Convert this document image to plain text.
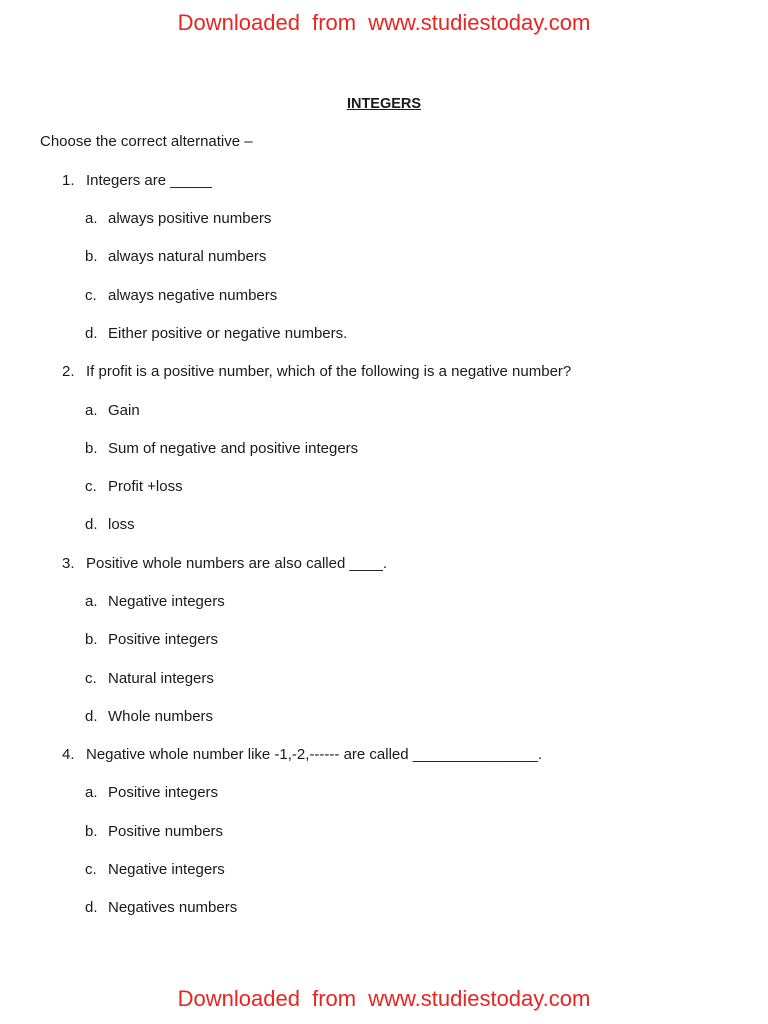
Downloaded from www.studiestoday.com
INTEGERS
Choose the correct alternative –
1. Integers are _____
a. always positive numbers
b. always natural numbers
c. always negative numbers
d. Either positive or negative numbers.
2. If profit is a positive number, which of the following is a negative number?
a. Gain
b. Sum of negative and positive integers
c. Profit +loss
d. loss
3. Positive whole numbers are also called ____.
a. Negative integers
b. Positive integers
c. Natural integers
d. Whole numbers
4. Negative whole number like -1,-2,------ are called _______________.
a. Positive integers
b. Positive numbers
c. Negative integers
d. Negatives numbers
Downloaded from www.studiestoday.com
